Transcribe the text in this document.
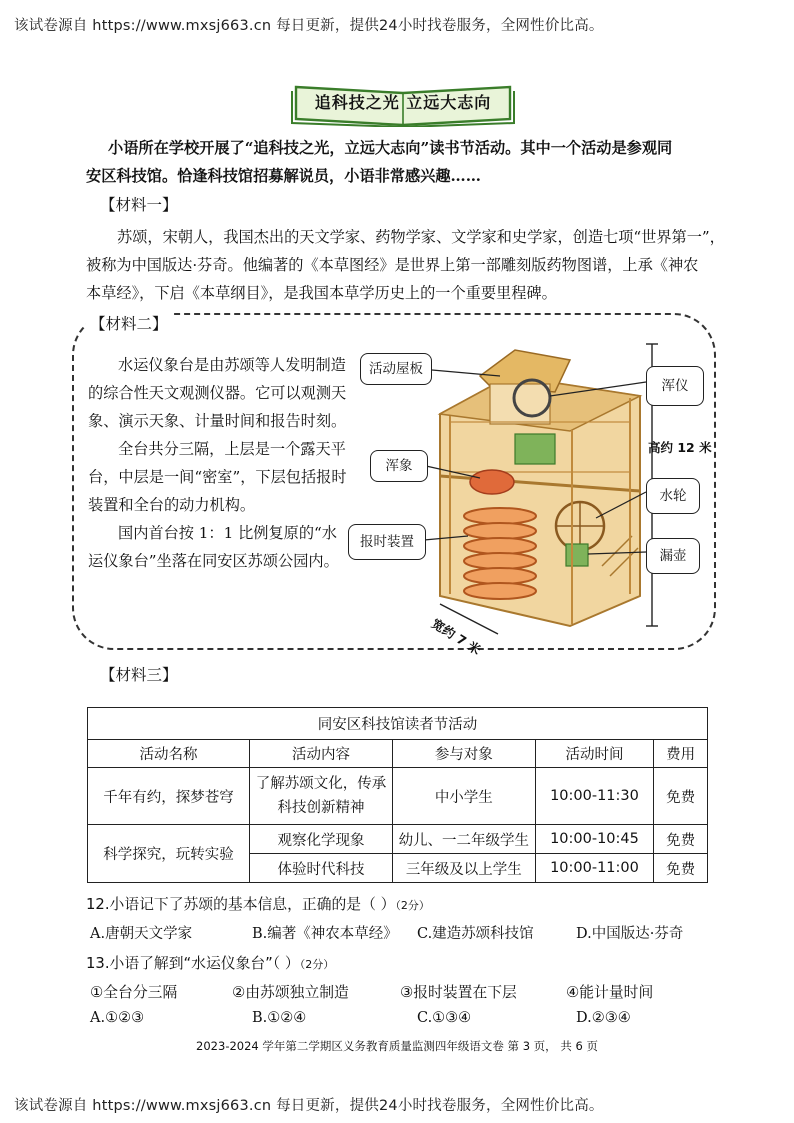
该试卷源自 https://www.mxsj663.cn 每日更新，提供24小时找卷服务，全网性价比高。
追科技之光 立远大志向
小语所在学校开展了“追科技之光，立远大志向”读书节活动。其中一个活动是参观同
安区科技馆。恰逢科技馆招募解说员，小语非常感兴趣……
【材料一】
苏颂，宋朝人，我国杰出的天文学家、药物学家、文学家和史学家，创造七项“世界第一”，
被称为中国版达·芬奇。他编著的《本草图经》是世界上第一部雕刻版药物图谱，上承《神农
本草经》，下启《本草纲目》，是我国本草学历史上的一个重要里程碑。
【材料二】

水运仪象台是由苏颂等人发明制造的综合性天文观测仪器。它可以观测天象、演示天象、计量时间和报告时刻。

全台共分三隔，上层是一个露天平台，中层是一间“密室”，下层包括报时装置和全台的动力机构。

国内首台按 1：1 比例复原的“水运仪象台”坐落在同安区苏颂公园内。

活动屋板
浑仪
浑象
水轮
报时装置
漏壶
高约 12 米
宽约 7 米
【材料三】
同安区科技馆读者节活动				
活动名称	活动内容	参与对象	活动时间	费用
千年有约，探梦苍穹	了解苏颂文化，传承科技创新精神	中小学生	10:00-11:30	免费
科学探究，玩转实验	观察化学现象	幼儿、一二年级学生	10:00-10:45	免费
	体验时代科技	三年级及以上学生	10:00-11:00	免费
12.小语记下了苏颂的基本信息，正确的是（ ）（2分）
A.唐朝天文学家	B.编著《神农本草经》 C.建造苏颂科技馆	D.中国版达·芬奇
13.小语了解到“水运仪象台”（ ）（2分）
①全台分三隔	②由苏颂独立制造	③报时装置在下层	④能计量时间
A.①②③	B.①②④	C.①③④	D.②③④
2023-2024 学年第二学期区义务教育质量监测四年级语文卷 第 3 页， 共 6 页
该试卷源自 https://www.mxsj663.cn 每日更新，提供24小时找卷服务，全网性价比高。
